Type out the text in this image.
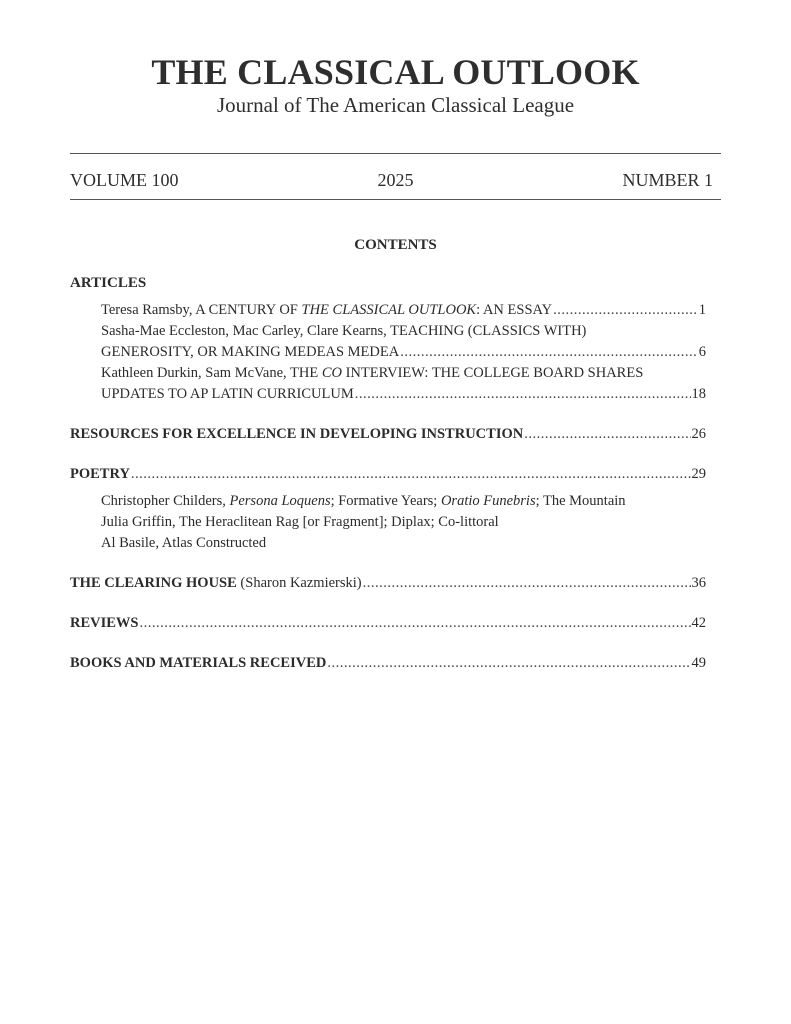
THE CLASSICAL OUTLOOK
Journal of The American Classical League
VOLUME 100	2025	NUMBER 1
CONTENTS
ARTICLES
Teresa Ramsby, A CENTURY OF THE CLASSICAL OUTLOOK: AN ESSAY .....	1
Sasha-Mae Eccleston, Mac Carley, Clare Kearns, TEACHING (CLASSICS WITH)
GENEROSITY, OR MAKING MEDEAS MEDEA .....	6
Kathleen Durkin, Sam McVane, THE CO INTERVIEW: THE COLLEGE BOARD SHARES
UPDATES TO AP LATIN CURRICULUM .....	18
RESOURCES FOR EXCELLENCE IN DEVELOPING INSTRUCTION .....	26
POETRY .....	29
Christopher Childers, Persona Loquens; Formative Years; Oratio Funebris; The Mountain
Julia Griffin, The Heraclitean Rag [or Fragment]; Diplax; Co-littoral
Al Basile, Atlas Constructed
THE CLEARING HOUSE (Sharon Kazmierski) .....	36
REVIEWS .....	42
BOOKS AND MATERIALS RECEIVED .....	49
